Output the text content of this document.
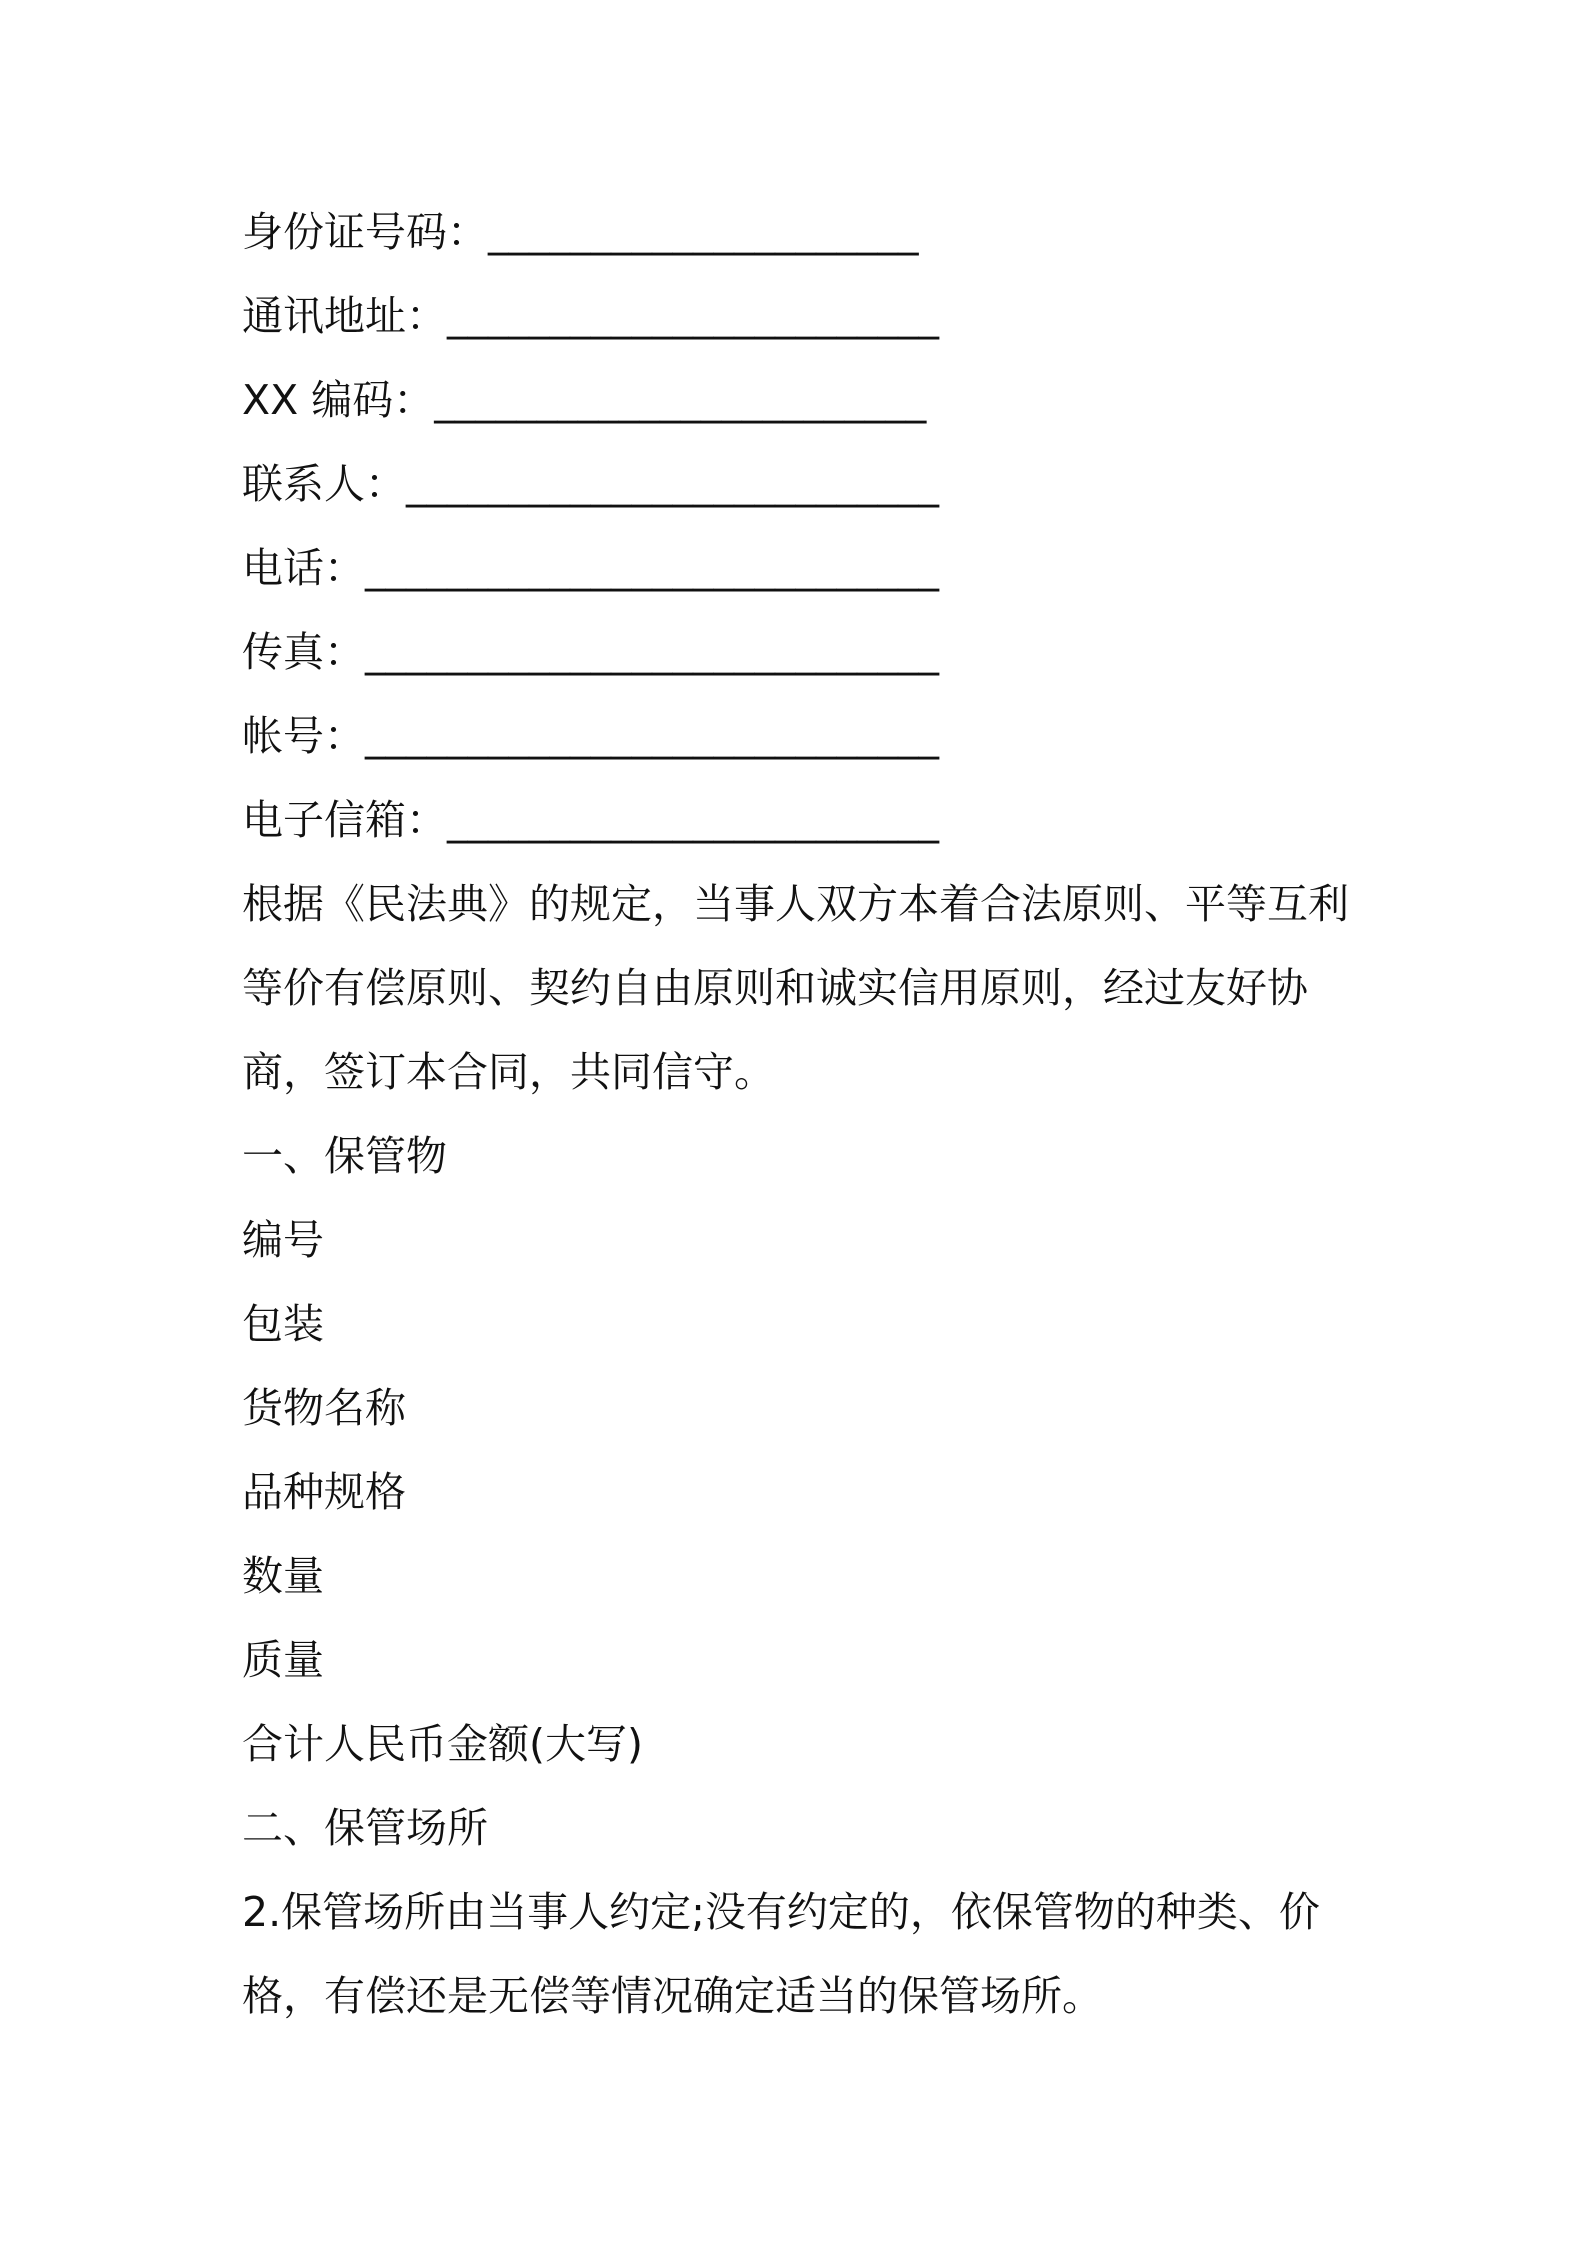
身份证号码：_____________________
通讯地址：________________________
XX 编码：________________________
联系人：__________________________
电话：____________________________
传真：____________________________
帐号：____________________________
电子信箱：________________________
根据《民法典》的规定，当事人双方本着合法原则、平等互利等价有偿原则、契约自由原则和诚实信用原则，经过友好协商，签订本合同，共同信守。
一、保管物
编号
包装
货物名称
品种规格
数量
质量
合计人民币金额(大写)
二、保管场所
2.保管场所由当事人约定;没有约定的，依保管物的种类、价格，有偿还是无偿等情况确定适当的保管场所。
